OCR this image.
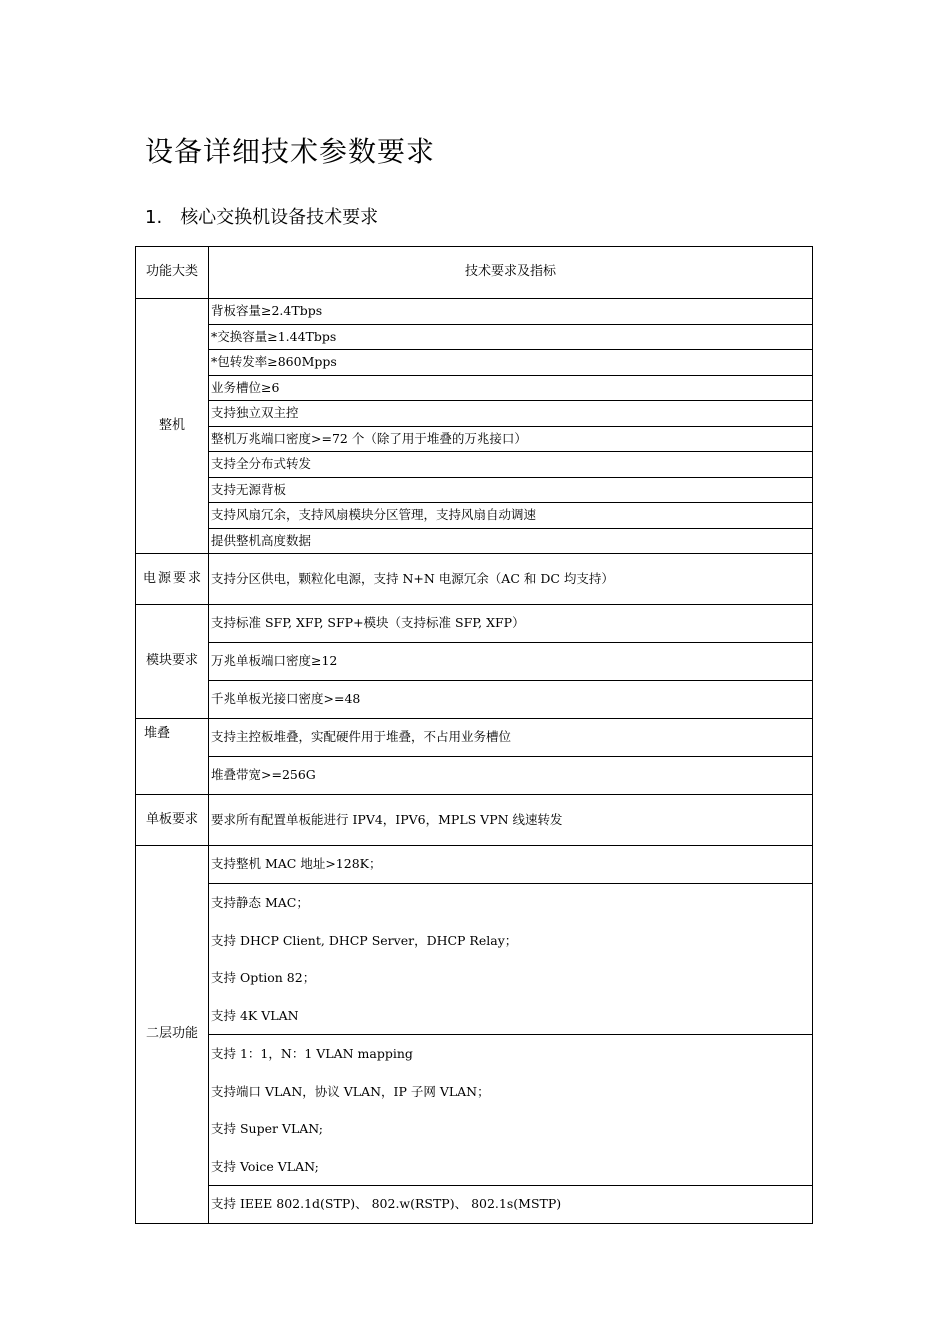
设备详细技术参数要求
1. 核心交换机设备技术要求
功能大类	技术要求及指标
整机	背板容量≥2.4Tbps
	*交换容量≥1.44Tbps
	*包转发率≥860Mpps
	业务槽位≥6
	支持独立双主控
	整机万兆端口密度>=72 个（除了用于堆叠的万兆接口）
	支持全分布式转发
	支持无源背板
	支持风扇冗余，支持风扇模块分区管理，支持风扇自动调速
	提供整机高度数据
电源要求	支持分区供电，颗粒化电源，支持 N+N 电源冗余（AC 和 DC 均支持）
模块要求	支持标准 SFP, XFP, SFP+模块（支持标准 SFP, XFP）
	万兆单板端口密度≥12
	千兆单板光接口密度>=48
堆叠	支持主控板堆叠，实配硬件用于堆叠，不占用业务槽位
	堆叠带宽>=256G
单板要求	要求所有配置单板能进行 IPV4，IPV6，MPLS VPN 线速转发
二层功能	支持整机 MAC 地址>128K；

	支持静态 MAC；
支持 DHCP Client, DHCP Server，DHCP Relay；
支持 Option 82；
支持 4K VLAN

	支持 1：1，N：1 VLAN mapping
支持端口 VLAN，协议 VLAN，IP 子网 VLAN；
支持 Super VLAN;
支持 Voice VLAN;

	支持 IEEE 802.1d(STP)、 802.w(RSTP)、 802.1s(MSTP)
